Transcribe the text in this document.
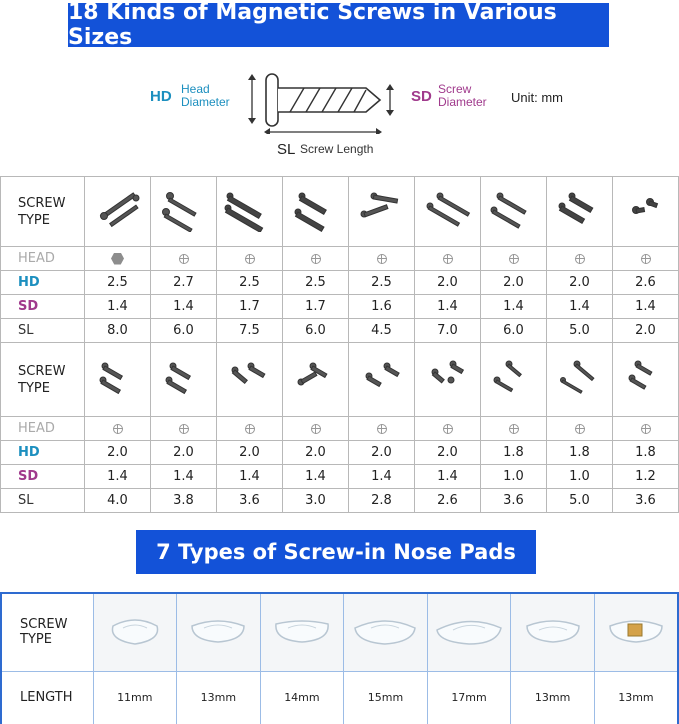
18 Kinds of Magnetic Screws in Various Sizes
HD Head
Diameter	SD Screw
Diameter Unit: mm
SL Screw Length
SCREW
TYPE									
HEAD									
HD	2.5	2.7	2.5	2.5	2.5	2.0	2.0	2.0	2.6
SD	1.4	1.4	1.7	1.7	1.6	1.4	1.4	1.4	1.4
SL	8.0	6.0	7.5	6.0	4.5	7.0	6.0	5.0	2.0
SCREW
TYPE									
HEAD									
HD	2.0	2.0	2.0	2.0	2.0	2.0	1.8	1.8	1.8
SD	1.4	1.4	1.4	1.4	1.4	1.4	1.0	1.0	1.2
SL	4.0	3.8	3.6	3.0	2.8	2.6	3.6	5.0	3.6
7 Types of Screw-in Nose Pads
SCREW
TYPE							
LENGTH	11mm	13mm	14mm	15mm	17mm	13mm	13mm
